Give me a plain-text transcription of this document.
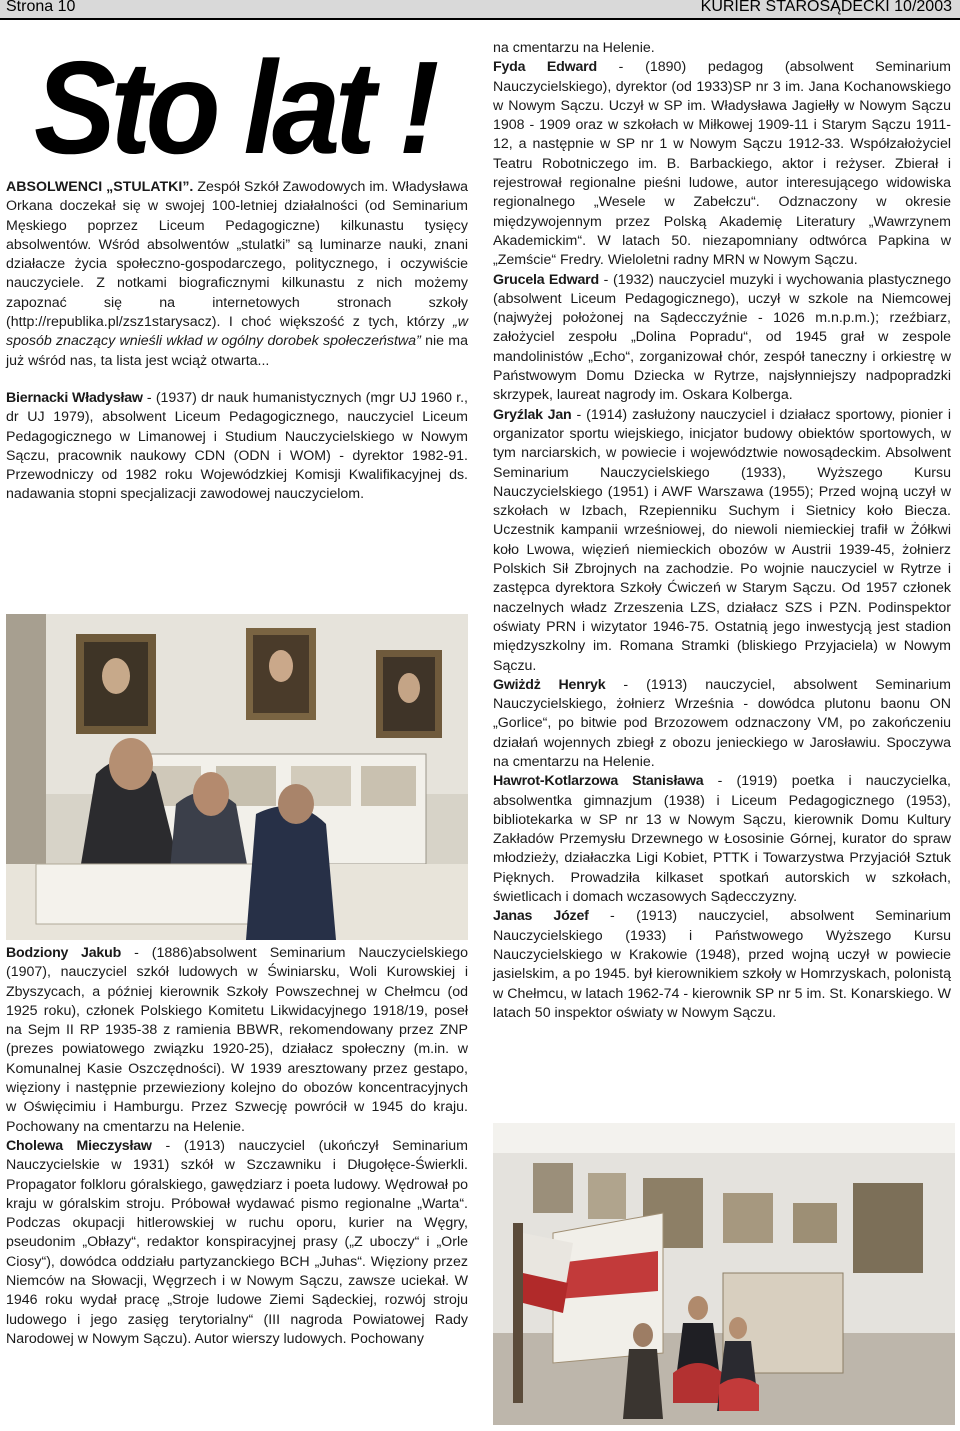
Strona 10	KURIER STAROSĄDECKI 10/2003
Sto lat !

ABSOLWENCI „STULATKI”. Zespół Szkół Zawodowych im. Władysława Orkana doczekał się w swojej 100-letniej działalności (od Seminarium Męskiego poprzez Liceum Pedagogiczne) kilkunastu tysięcy absolwentów. Wśród absolwentów „stulatki” są luminarze nauki, znani działacze życia społeczno-gospodarczego, politycznego, i oczywiście nauczyciele. Z notkami biograficznymi kilkunastu z nich możemy zapoznać się na internetowych stronach szkoły (http://republika.pl/zsz1starysacz). I choć większość z tych, którzy „w sposób znaczący wnieśli wkład w ogólny dorobek społeczeństwa” nie ma już wśród nas, ta lista jest wciąż otwarta...

Biernacki Władysław - (1937) dr nauk humanistycznych (mgr UJ 1960 r., dr UJ 1979), absolwent Liceum Pedagogicznego, nauczyciel Liceum Pedagogicznego w Limanowej i Studium Nauczycielskiego w Nowym Sączu, pracownik naukowy CDN (ODN i WOM) - dyrektor 1982-91. Przewodniczy od 1982 roku Wojewódzkiej Komisji Kwalifikacyjnej ds. nadawania stopni specjalizacji zawodowej nauczycielom.

Bodziony Jakub - (1886)absolwent Seminarium Nauczycielskiego (1907), nauczyciel szkół ludowych w Świniarsku, Woli Kurowskiej i Zbyszycach, a później kierownik Szkoły Powszechnej w Chełmcu (od 1925 roku), członek Polskiego Komitetu Likwidacyjnego 1918/19, poseł na Sejm II RP 1935-38 z ramienia BBWR, rekomendowany przez ZNP (prezes powiatowego związku 1920-25), działacz społeczny (m.in. w Komunalnej Kasie Oszczędności). W 1939 aresztowany przez gestapo, więziony i następnie przewieziony kolejno do obozów koncentracyjnych w Oświęcimiu i Hamburgu. Przez Szwecję powrócił w 1945 do kraju. Pochowany na cmentarzu na Helenie.

Cholewa Mieczysław - (1913) nauczyciel (ukończył Seminarium Nauczycielskie w 1931) szkół w Szczawniku i Długołęce-Świerkli. Propagator folkloru góralskiego, gawędziarz i poeta ludowy. Wędrował po kraju w góralskim stroju. Próbował wydawać pismo regionalne „Warta“. Podczas okupacji hitlerowskiej w ruchu oporu, kurier na Węgry, pseudonim „Obłazy“, redaktor konspiracyjnej prasy („Z uboczy“ i „Orle Ciosy“), dowódca oddziału partyzanckiego BCH „Juhas“. Więziony przez Niemców na Słowacji, Węgrzech i w Nowym Sączu, zawsze uciekał. W 1946 roku wydał pracę „Stroje ludowe Ziemi Sądeckiej, rozwój stroju ludowego i jego zasięg terytorialny“ (III nagroda Powiatowej Rady Narodowej w Nowym Sączu). Autor wierszy ludowych. Pochowany

na cmentarzu na Helenie.

Fyda Edward - (1890) pedagog (absolwent Seminarium Nauczycielskiego), dyrektor (od 1933)SP nr 3 im. Jana Kochanowskiego w Nowym Sączu. Uczył w SP im. Władysława Jagiełły w Nowym Sączu 1908 - 1909 oraz w szkołach w Miłkowej 1909-11 i Starym Sączu 1911-12, a następnie w SP nr 1 w Nowym Sączu 1912-33. Współzałożyciel Teatru Robotniczego im. B. Barbackiego, aktor i reżyser. Zbierał i rejestrował regionalne pieśni ludowe, autor interesującego widowiska regionalnego „Wesele w Zabełczu“. Odznaczony w okresie międzywojennym przez Polską Akademię Literatury „Wawrzynem Akademickim“. W latach 50. niezapomniany odtwórca Papkina w „Zemście“ Fredry. Wieloletni radny MRN w Nowym Sączu.

Grucela Edward - (1932) nauczyciel muzyki i wychowania plastycznego (absolwent Liceum Pedagogicznego), uczył w szkole na Niemcowej (najwyżej położonej na Sądecczyźnie - 1026 m.n.p.m.); rzeźbiarz, założyciel zespołu „Dolina Popradu“, od 1945 grał w zespole mandolinistów „Echo“, zorganizował chór, zespół taneczny i orkiestrę w Państwowym Domu Dziecka w Rytrze, najsłynniejszy nadpopradzki skrzypek, laureat nagrody im. Oskara Kolberga.

Gryźlak Jan - (1914) zasłużony nauczyciel i działacz sportowy, pionier i organizator sportu wiejskiego, inicjator budowy obiektów sportowych, w tym narciarskich, w powiecie i województwie nowosądeckim. Absolwent Seminarium Nauczycielskiego (1933), Wyższego Kursu Nauczycielskiego (1951) i AWF Warszawa (1955); Przed wojną uczył w szkołach w Izbach, Rzepienniku Suchym i Sietnicy koło Biecza. Uczestnik kampanii wrześniowej, do niewoli niemieckiej trafił w Żółkwi koło Lwowa, więzień niemieckich obozów w Austrii 1939-45, żołnierz Polskich Sił Zbrojnych na zachodzie. Po wojnie nauczyciel w Rytrze i zastępca dyrektora Szkoły Ćwiczeń w Starym Sączu. Od 1957 członek naczelnych władz Zrzeszenia LZS, działacz SZS i PZN. Podinspektor oświaty PRN i wizytator 1946-75. Ostatnią jego inwestycją jest stadion międzyszkolny im. Romana Stramki (bliskiego Przyjaciela) w Nowym Sączu.

Gwiżdż Henryk - (1913) nauczyciel, absolwent Seminarium Nauczycielskiego, żołnierz Września - dowódca plutonu baonu ON „Gorlice“, po bitwie pod Brzozowem odznaczony VM, po zakończeniu działań wojennych zbiegł z obozu jenieckiego w Jarosławiu. Spoczywa na cmentarzu na Helenie.

Hawrot-Kotlarzowa Stanisława - (1919) poetka i nauczycielka, absolwentka gimnazjum (1938) i Liceum Pedagogicznego (1953), bibliotekarka w SP nr 13 w Nowym Sączu, kierownik Domu Kultury Zakładów Przemysłu Drzewnego w Łososinie Górnej, kurator do spraw młodzieży, działaczka Ligi Kobiet, PTTK i Towarzystwa Przyjaciół Sztuk Pięknych. Prowadziła kilkaset spotkań autorskich w szkołach, świetlicach i domach wczasowych Sądecczyzny.

Janas Józef - (1913) nauczyciel, absolwent Seminarium Nauczycielskiego (1933) i Państwowego Wyższego Kursu Nauczycielskiego w Krakowie (1948), przed wojną uczył w powiecie jasielskim, a po 1945. był kierownikiem szkoły w Homrzyskach, polonistą w Chełmcu, w latach 1962-74 - kierownik SP nr 5 im. St. Konarskiego. W latach 50 inspektor oświaty w Nowym Sączu.
